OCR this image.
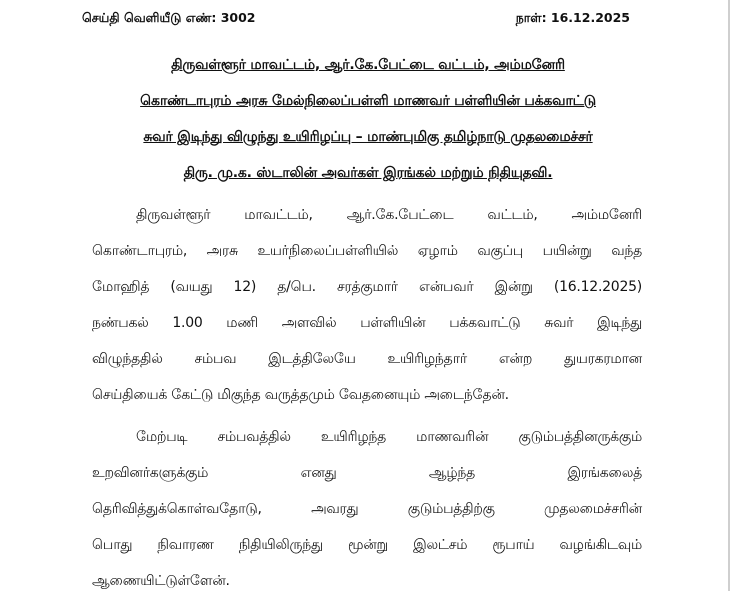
செய்தி வெளியீடு எண்: 3002	நாள்: 16.12.2025
திருவள்ளூர் மாவட்டம், ஆர்.கே.பேட்டை வட்டம், அம்மனேரி
கொண்டாபுரம் அரசு மேல்நிலைப்பள்ளி மாணவர் பள்ளியின் பக்கவாட்டு
சுவர் இடிந்து விழுந்து உயிரிழப்பு – மாண்புமிகு தமிழ்நாடு முதலமைச்சர்
திரு. மு.க. ஸ்டாலின் அவர்கள் இரங்கல் மற்றும் நிதியுதவி.
திருவள்ளூர் மாவட்டம், ஆர்.கே.பேட்டை வட்டம், அம்மனேரி
கொண்டாபுரம், அரசு உயர்நிலைப்பள்ளியில் ஏழாம் வகுப்பு பயின்று வந்த
மோஹித் (வயது 12) த/பெ. சரத்குமார் என்பவர் இன்று (16.12.2025)
நண்பகல் 1.00 மணி அளவில் பள்ளியின் பக்கவாட்டு சுவர் இடிந்து
விழுந்ததில் சம்பவ இடத்திலேயே உயிரிழந்தார் என்ற துயரகரமான
செய்தியைக் கேட்டு மிகுந்த வருத்தமும் வேதனையும் அடைந்தேன்.
மேற்படி சம்பவத்தில் உயிரிழந்த மாணவரின் குடும்பத்தினருக்கும்
உறவினர்களுக்கும் எனது ஆழ்ந்த இரங்கலைத்
தெரிவித்துக்கொள்வதோடு, அவரது குடும்பத்திற்கு முதலமைச்சரின்
பொது நிவாரண நிதியிலிருந்து மூன்று இலட்சம் ரூபாய் வழங்கிடவும்
ஆணையிட்டுள்ளேன்.
